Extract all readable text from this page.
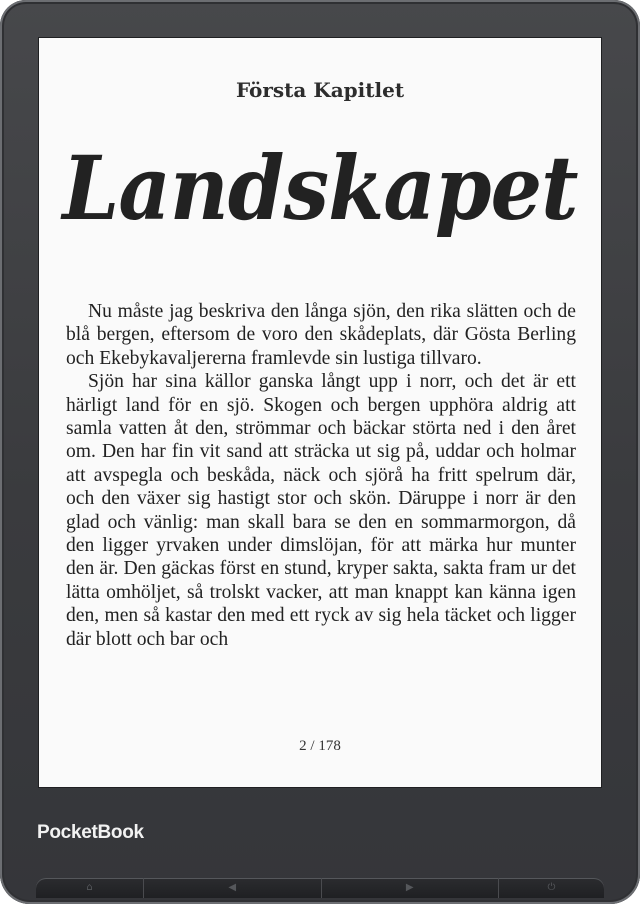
Första Kapitlet
Landskapet

Nu måste jag beskriva den långa sjön, den rika slätten och de blå bergen, eftersom de voro den skådeplats, där Gösta Berling och Ekebykavaljererna framlevde sin lustiga tillvaro.

Sjön har sina källor ganska långt upp i norr, och det är ett härligt land för en sjö. Skogen och bergen upphöra aldrig att samla vatten åt den, strömmar och bäckar störta ned i den året om. Den har fin vit sand att sträcka ut sig på, uddar och holmar att avspegla och beskåda, näck och sjörå ha fritt spelrum där, och den växer sig hastigt stor och skön. Däruppe i norr är den glad och vänlig: man skall bara se den en sommarmorgon, då den ligger yrvaken under dimslöjan, för att märka hur munter den är. Den gäckas först en stund, kryper sakta, sakta fram ur det lätta omhöljet, så trolskt vacker, att man knappt kan känna igen den, men så kastar den med ett ryck av sig hela täcket och ligger där blott och bar och

2 / 178
PocketBook
⌂	◀	▶	⏻
